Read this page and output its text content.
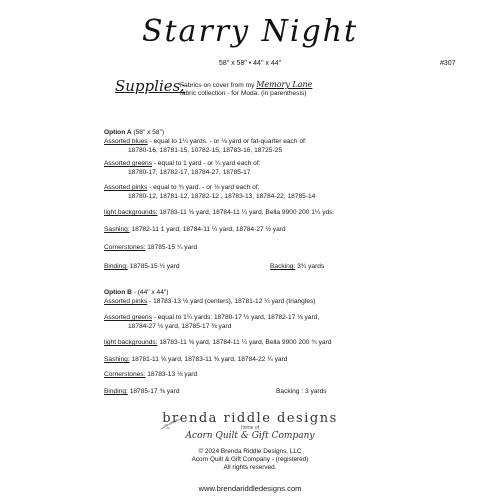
Starry Night
58" x 58" • 44" x 44"	#307
Supplies:
Fabrics on cover from my Memory Lane
fabric collection - for Moda. (in parenthesis)
Option A (58" x 58")
Assorted blues - equal to 1¼ yards. - or ⅛ yard or fat-quarter each of:
18780-16, 18781-15, 10782-15, 18783-16, 18725-25
Assorted greens - equal to 1 yard - or ¼ yard each of:
18780-17, 18782-17, 18784-27, 18785-17
Assorted pinks - equal to ¾ yard. - or ⅛ yard each of:
18780-12, 18781-12, 18782-12 , 18783-13, 18784-22, 18785-14
light backgrounds: 18783-11 ⅝ yard, 18784-11 ¼ yard, Bella 9900 200 1¼ yds.
Sashing: 18782-11 1 yard, 18784-11 ¼ yard, 18784-27 ½ yard
Cornerstones: 18785-15 ¼ yard
Binding: 18785-15 ½ yard	Backing: 3¾ yards
Option B - (44" x 44")
Assorted pinks - 18783-13 ⅛ yard (centers), 18781-12 ¼ yard (triangles)
Assorted greens - equal to 1¼ yards: 18780-17 ½ yard, 18782-17 ⅛ yard,
18784-27 ½ yard, 18785-17 ⅜ yard
light backgrounds: 18783-11 ⅝ yard, 18784-11 ¼ yard, Bella 9900 200 ¾ yard
Sashing: 18781-11 ⅝ yard, 18783-11 ⅜ yard, 18784-22 ¼ yard
Cornerstones: 18783-13 ⅛ yard
Binding: 18785-17 ⅜ yard	Backing : 3 yards
brenda riddle designs
home of
Acorn Quilt & Gift Company
© 2024 Brenda Riddle Designs, LLC
Acorn Quilt & Gift Company - (registered)
All rights reserved.
www.brendariddledesigns.com
